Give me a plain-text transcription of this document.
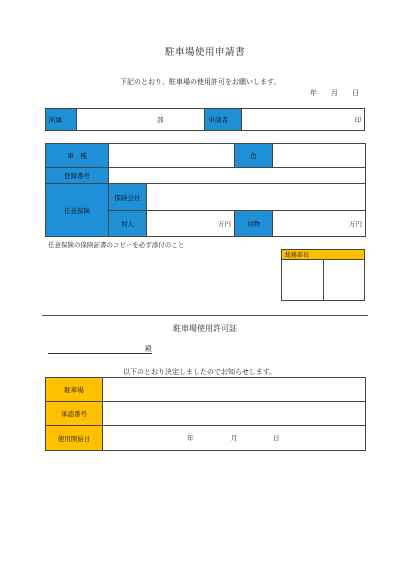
駐車場使用申請書
下記のとおり、駐車場の使用許可をお願いします。
年　　月　　日
所属	部	申請者	印
車　種			色	
登録番号				
任意保険	保険会社			
	対人	万円	対物	万円
任意保険の保険証書のコピーを必ず添付のこと
総務部長

駐車場使用許可証
殿
以下のとおり決定しましたのでお知らせします。
駐車場	
承認番号	
使用開始日	年 月 日
